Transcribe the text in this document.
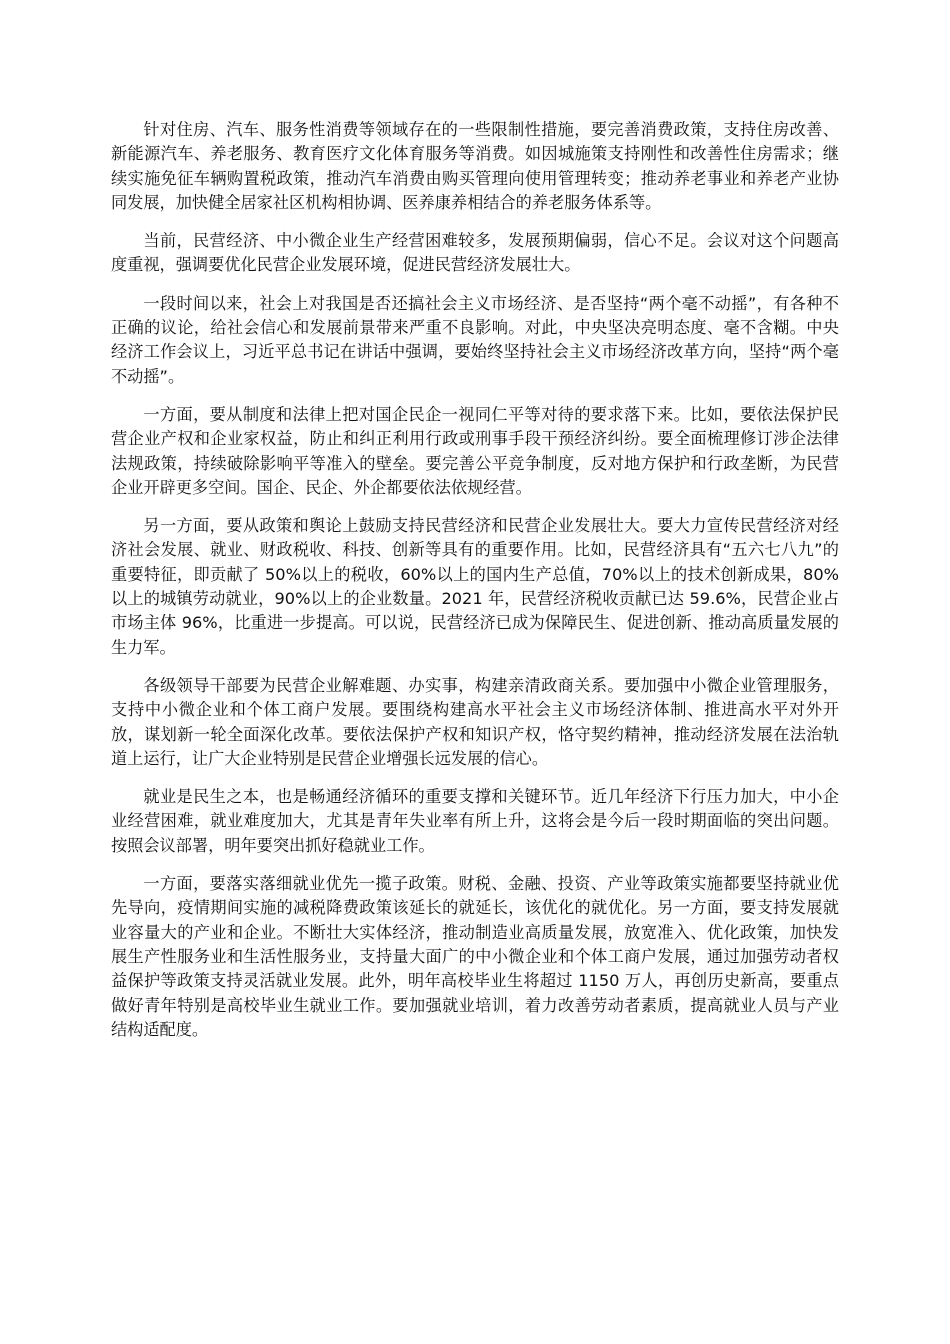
针对住房、汽车、服务性消费等领域存在的一些限制性措施，要完善消费政策，支持住房改善、新能源汽车、养老服务、教育医疗文化体育服务等消费。如因城施策支持刚性和改善性住房需求；继续实施免征车辆购置税政策，推动汽车消费由购买管理向使用管理转变；推动养老事业和养老产业协同发展，加快健全居家社区机构相协调、医养康养相结合的养老服务体系等。

当前，民营经济、中小微企业生产经营困难较多，发展预期偏弱，信心不足。会议对这个问题高度重视，强调要优化民营企业发展环境，促进民营经济发展壮大。

一段时间以来，社会上对我国是否还搞社会主义市场经济、是否坚持“两个毫不动摇”，有各种不正确的议论，给社会信心和发展前景带来严重不良影响。对此，中央坚决亮明态度、毫不含糊。中央经济工作会议上，习近平总书记在讲话中强调，要始终坚持社会主义市场经济改革方向，坚持“两个毫不动摇”。

一方面，要从制度和法律上把对国企民企一视同仁平等对待的要求落下来。比如，要依法保护民营企业产权和企业家权益，防止和纠正利用行政或刑事手段干预经济纠纷。要全面梳理修订涉企法律法规政策，持续破除影响平等准入的壁垒。要完善公平竞争制度，反对地方保护和行政垄断，为民营企业开辟更多空间。国企、民企、外企都要依法依规经营。

另一方面，要从政策和舆论上鼓励支持民营经济和民营企业发展壮大。要大力宣传民营经济对经济社会发展、就业、财政税收、科技、创新等具有的重要作用。比如，民营经济具有“五六七八九”的重要特征，即贡献了 50%以上的税收，60%以上的国内生产总值，70%以上的技术创新成果，80%以上的城镇劳动就业，90%以上的企业数量。2021 年，民营经济税收贡献已达 59.6%，民营企业占市场主体 96%，比重进一步提高。可以说，民营经济已成为保障民生、促进创新、推动高质量发展的生力军。

各级领导干部要为民营企业解难题、办实事，构建亲清政商关系。要加强中小微企业管理服务，支持中小微企业和个体工商户发展。要围绕构建高水平社会主义市场经济体制、推进高水平对外开放，谋划新一轮全面深化改革。要依法保护产权和知识产权，恪守契约精神，推动经济发展在法治轨道上运行，让广大企业特别是民营企业增强长远发展的信心。

就业是民生之本，也是畅通经济循环的重要支撑和关键环节。近几年经济下行压力加大，中小企业经营困难，就业难度加大，尤其是青年失业率有所上升，这将会是今后一段时期面临的突出问题。按照会议部署，明年要突出抓好稳就业工作。

一方面，要落实落细就业优先一揽子政策。财税、金融、投资、产业等政策实施都要坚持就业优先导向，疫情期间实施的减税降费政策该延长的就延长，该优化的就优化。另一方面，要支持发展就业容量大的产业和企业。不断壮大实体经济，推动制造业高质量发展，放宽准入、优化政策，加快发展生产性服务业和生活性服务业，支持量大面广的中小微企业和个体工商户发展，通过加强劳动者权益保护等政策支持灵活就业发展。此外，明年高校毕业生将超过 1150 万人，再创历史新高，要重点做好青年特别是高校毕业生就业工作。要加强就业培训，着力改善劳动者素质，提高就业人员与产业结构适配度。
